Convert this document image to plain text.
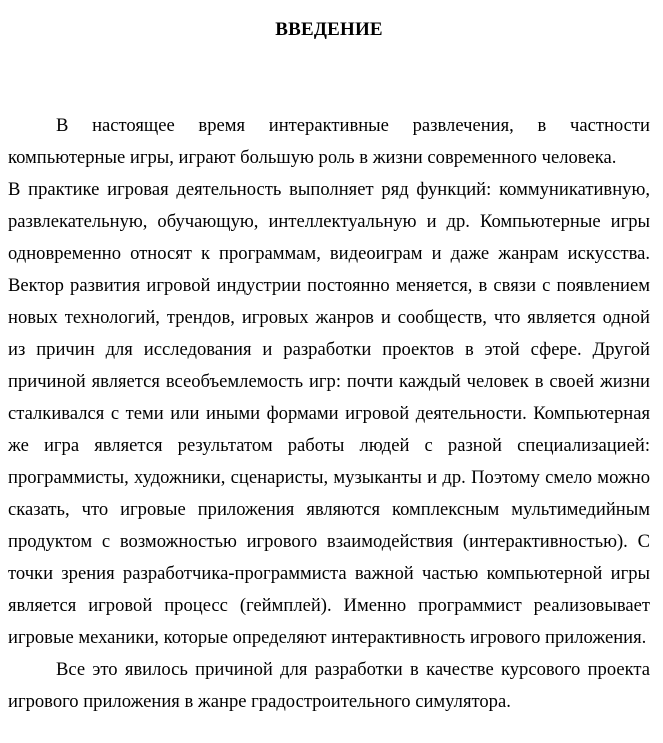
ВВЕДЕНИЕ

В настоящее время интерактивные развлечения, в частности компьютерные игры, играют большую роль в жизни современного человека.

В практике игровая деятельность выполняет ряд функций: коммуникативную, развлекательную, обучающую, интеллектуальную и др. Компьютерные игры одновременно относят к программам, видеоиграм и даже жанрам искусства. Вектор развития игровой индустрии постоянно меняется, в связи с появлением новых технологий, трендов, игровых жанров и сообществ, что является одной из причин для исследования и разработки проектов в этой сфере. Другой причиной является всеобъемлемость игр: почти каждый человек в своей жизни сталкивался с теми или иными формами игровой деятельности. Компьютерная же игра является результатом работы людей с разной специализацией: программисты, художники, сценаристы, музыканты и др. Поэтому смело можно сказать, что игровые приложения являются комплексным мультимедийным продуктом с возможностью игрового взаимодействия (интерактивностью). С точки зрения разработчика-программиста важной частью компьютерной игры является игровой процесс (геймплей). Именно программист реализовывает игровые механики, которые определяют интерактивность игрового приложения.

Все это явилось причиной для разработки в качестве курсового проекта игрового приложения в жанре градостроительного симулятора.
